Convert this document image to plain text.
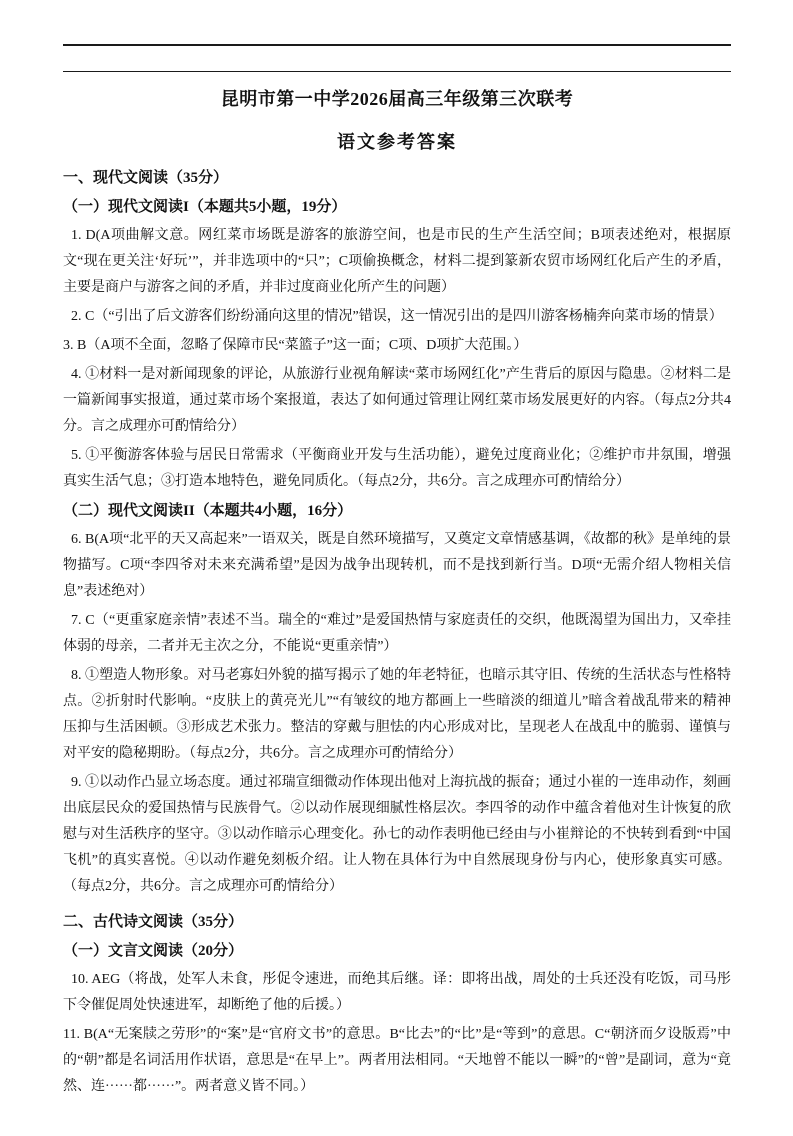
昆明市第一中学2026届高三年级第三次联考
语文参考答案

一、现代文阅读（35分）

（一）现代文阅读I（本题共5小题，19分）

1. D(A项曲解文意。网红菜市场既是游客的旅游空间，也是市民的生产生活空间；B项表述绝对，根据原文“现在更关注‘好玩’”，并非选项中的“只”；C项偷换概念，材料二提到篆新农贸市场网红化后产生的矛盾，主要是商户与游客之间的矛盾，并非过度商业化所产生的问题）

2. C（“引出了后文游客们纷纷涌向这里的情况”错误，这一情况引出的是四川游客杨楠奔向菜市场的情景）

3. B（A项不全面，忽略了保障市民“菜篮子”这一面；C项、D项扩大范围。）

4. ①材料一是对新闻现象的评论，从旅游行业视角解读“菜市场网红化”产生背后的原因与隐患。②材料二是一篇新闻事实报道，通过菜市场个案报道，表达了如何通过管理让网红菜市场发展更好的内容。（每点2分共4分。言之成理亦可酌情给分）

5. ①平衡游客体验与居民日常需求（平衡商业开发与生活功能），避免过度商业化；②维护市井氛围，增强真实生活气息；③打造本地特色，避免同质化。（每点2分，共6分。言之成理亦可酌情给分）

（二）现代文阅读II（本题共4小题，16分）

6. B(A项“北平的天又高起来”一语双关，既是自然环境描写，又奠定文章情感基调，《故都的秋》是单纯的景物描写。C项“李四爷对未来充满希望”是因为战争出现转机，而不是找到新行当。D项“无需介绍人物相关信息”表述绝对）

7. C（“更重家庭亲情”表述不当。瑞全的“难过”是爱国热情与家庭责任的交织，他既渴望为国出力，又牵挂体弱的母亲，二者并无主次之分，不能说“更重亲情”）

8. ①塑造人物形象。对马老寡妇外貌的描写揭示了她的年老特征，也暗示其守旧、传统的生活状态与性格特点。②折射时代影响。“皮肤上的黄亮光儿”“有皱纹的地方都画上一些暗淡的细道儿”暗含着战乱带来的精神压抑与生活困顿。③形成艺术张力。整洁的穿戴与胆怯的内心形成对比，呈现老人在战乱中的脆弱、谨慎与对平安的隐秘期盼。（每点2分，共6分。言之成理亦可酌情给分）

9. ①以动作凸显立场态度。通过祁瑞宣细微动作体现出他对上海抗战的振奋；通过小崔的一连串动作，刻画出底层民众的爱国热情与民族骨气。②以动作展现细腻性格层次。李四爷的动作中蕴含着他对生计恢复的欣慰与对生活秩序的坚守。③以动作暗示心理变化。孙七的动作表明他已经由与小崔辩论的不快转到看到“中国飞机”的真实喜悦。④以动作避免刻板介绍。让人物在具体行为中自然展现身份与内心，使形象真实可感。（每点2分，共6分。言之成理亦可酌情给分）

二、古代诗文阅读（35分）

（一）文言文阅读（20分）

10. AEG（将战，处军人未食，彤促令速进，而绝其后继。译：即将出战，周处的士兵还没有吃饭，司马彤下令催促周处快速进军，却断绝了他的后援。）

11. B(A“无案牍之劳形”的“案”是“官府文书”的意思。B“比去”的“比”是“等到”的意思。C“朝济而夕设版焉”中的“朝”都是名词活用作状语，意思是“在早上”。两者用法相同。“天地曾不能以一瞬”的“曾”是副词，意为“竟然、连······都······”。两者意义皆不同。）
